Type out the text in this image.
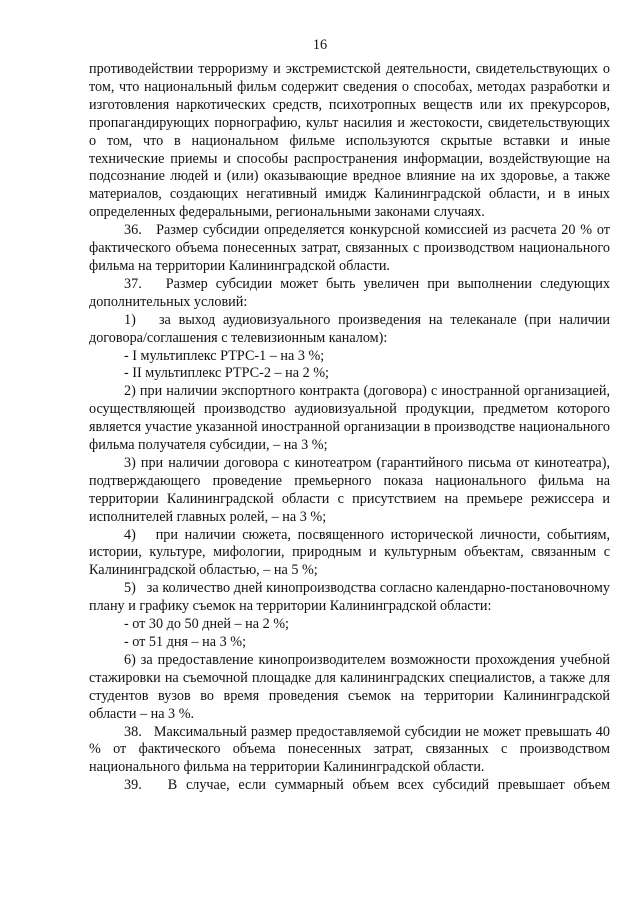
16

противодействии терроризму и экстремистской деятельности, свидетельствующих о том, что национальный фильм содержит сведения о способах, методах разработки и изготовления наркотических средств, психотропных веществ или их прекурсоров, пропагандирующих порнографию, культ насилия и жестокости, свидетельствующих о том, что в национальном фильме используются скрытые вставки и иные технические приемы и способы распространения информации, воздействующие на подсознание людей и (или) оказывающие вредное влияние на их здоровье, а также материалов, создающих негативный имидж Калининградской области, и в иных определенных федеральными, региональными законами случаях.

36.   Размер субсидии определяется конкурсной комиссией из расчета 20 % от фактического объема понесенных затрат, связанных с производством национального фильма на территории Калининградской области.

37.   Размер субсидии может быть увеличен при выполнении следующих дополнительных условий:

1)   за выход аудиовизуального произведения на телеканале (при наличии договора/соглашения с телевизионным каналом):

- I мультиплекс РТРС-1 – на 3 %;

- II мультиплекс РТРС-2 – на 2 %;

2) при наличии экспортного контракта (договора) с иностранной организацией, осуществляющей производство аудиовизуальной продукции, предметом которого является участие указанной иностранной организации в производстве национального фильма получателя субсидии, – на 3 %;

3) при наличии договора с кинотеатром (гарантийного письма от кинотеатра), подтверждающего проведение премьерного показа национального фильма на территории Калининградской области с присутствием на премьере режиссера и исполнителей главных ролей, – на 3 %;

4)   при наличии сюжета, посвященного исторической личности, событиям, истории, культуре, мифологии, природным и культурным объектам, связанным с Калининградской областью, – на 5 %;

5)   за количество дней кинопроизводства согласно календарно-постановочному плану и графику съемок на территории Калининградской области:

- от 30 до 50 дней – на 2 %;

- от 51 дня – на 3 %;

6) за предоставление кинопроизводителем возможности прохождения учебной стажировки на съемочной площадке для калининградских специалистов, а также для студентов вузов во время проведения съемок на территории Калининградской области – на 3 %.

38.   Максимальный размер предоставляемой субсидии не может превышать 40 % от фактического объема понесенных затрат, связанных с производством национального фильма на территории Калининградской области.

39.   В случае, если суммарный объем всех субсидий превышает объем
